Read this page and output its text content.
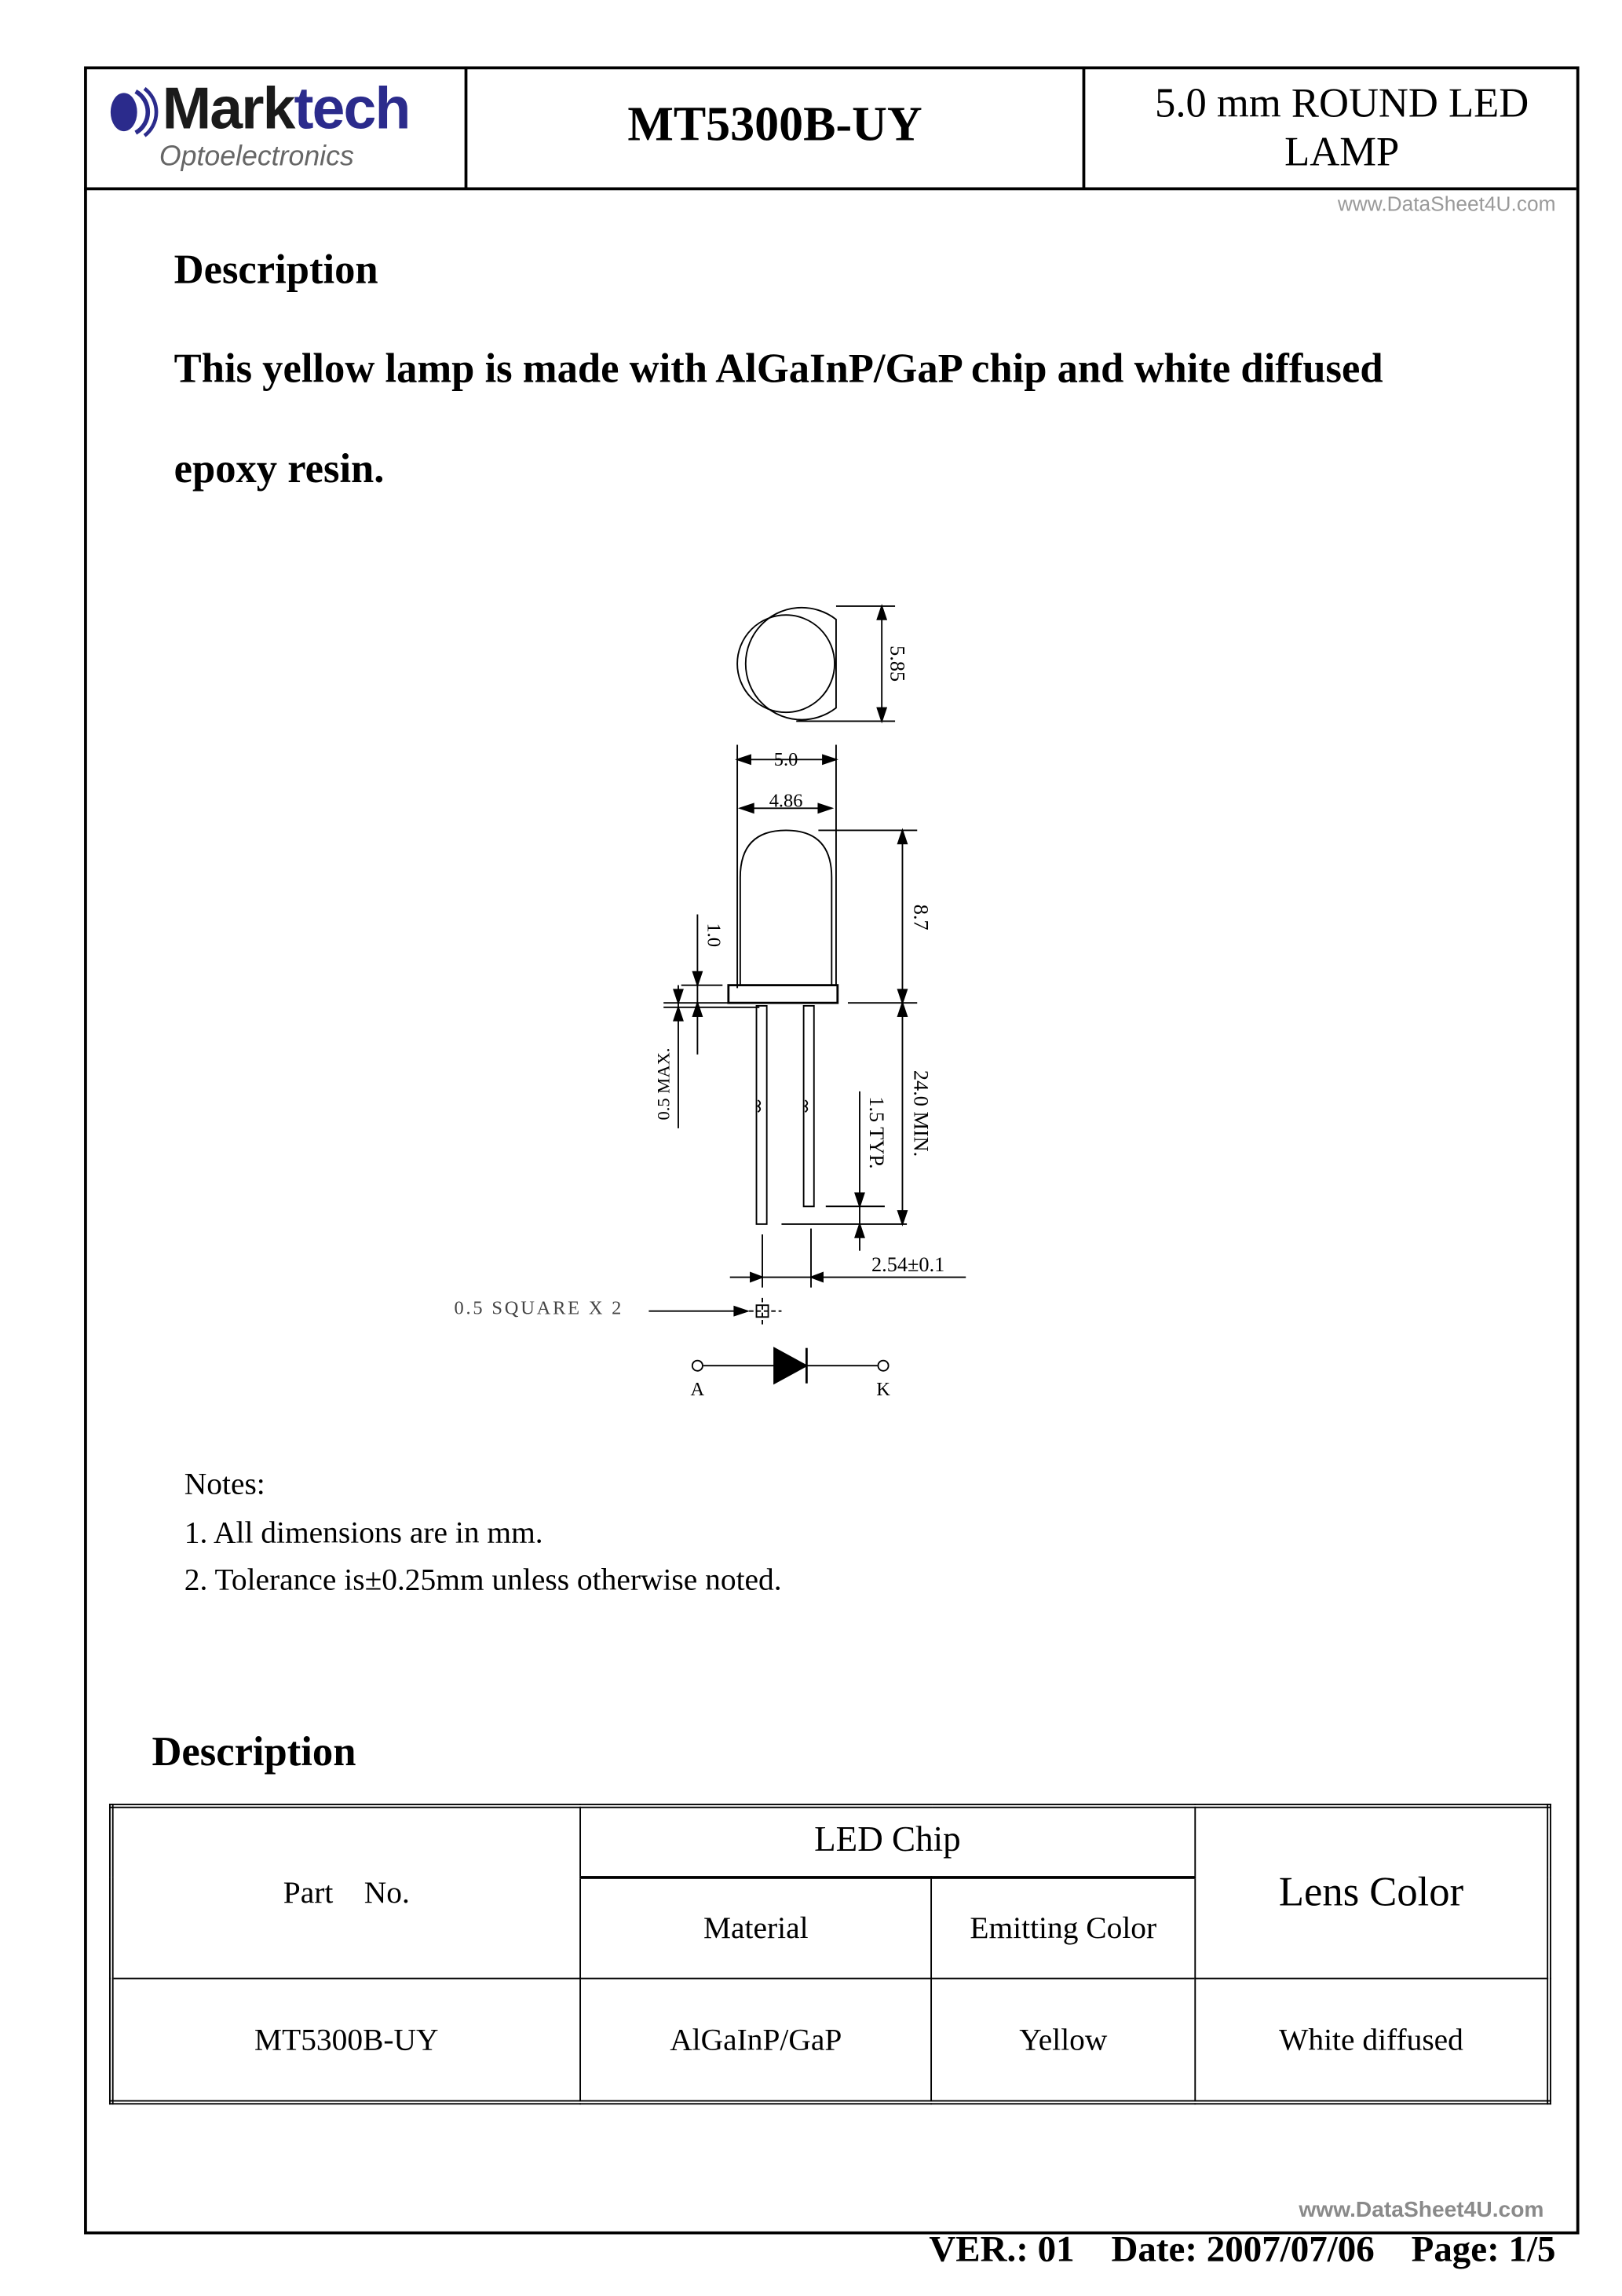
Marktech
Optoelectronics
MT5300B-UY	5.0 mm ROUND LED
LAMP
www.DataSheet4U.com
Description
This yellow lamp is made with AlGaInP/GaP chip and white diffused
epoxy resin.
5.85
5.0
4.86
8.7
24.0 MIN.
1.5 TYP.
1.0
0.5 MAX.
2.54±0.1
0.5 SQUARE X 2
A	K
Notes:
1. All dimensions are in mm.
2. Tolerance is±0.25mm unless otherwise noted.
Description
Part    No.	LED Chip		Lens Color
	Material	Emitting Color	
MT5300B-UY	AlGaInP/GaP	Yellow	White diffused
www.DataSheet4U.com
VER.: 01 Date: 2007/07/06 Page: 1/5
